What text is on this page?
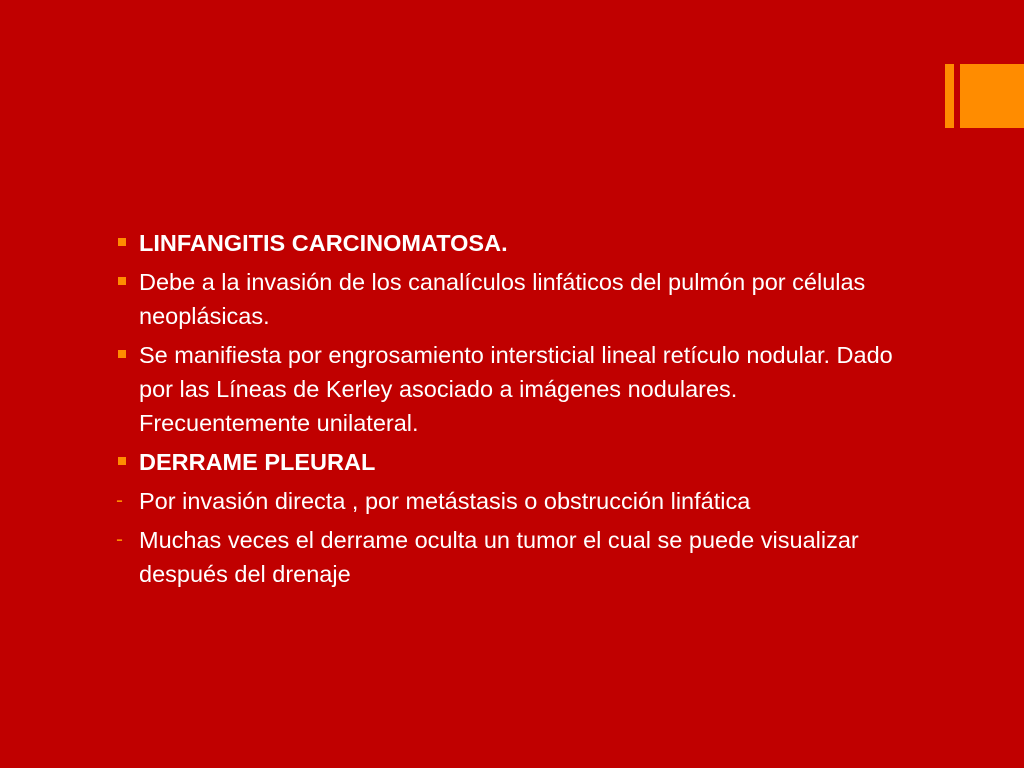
LINFANGITIS CARCINOMATOSA.
Debe a la invasión de los canalículos linfáticos del pulmón por células neoplásicas.
Se manifiesta por engrosamiento intersticial lineal retículo nodular. Dado por las Líneas de Kerley asociado a imágenes nodulares. Frecuentemente unilateral.
DERRAME PLEURAL
- Por invasión directa , por metástasis o obstrucción linfática
- Muchas veces el derrame oculta un tumor el cual se puede visualizar después del drenaje
